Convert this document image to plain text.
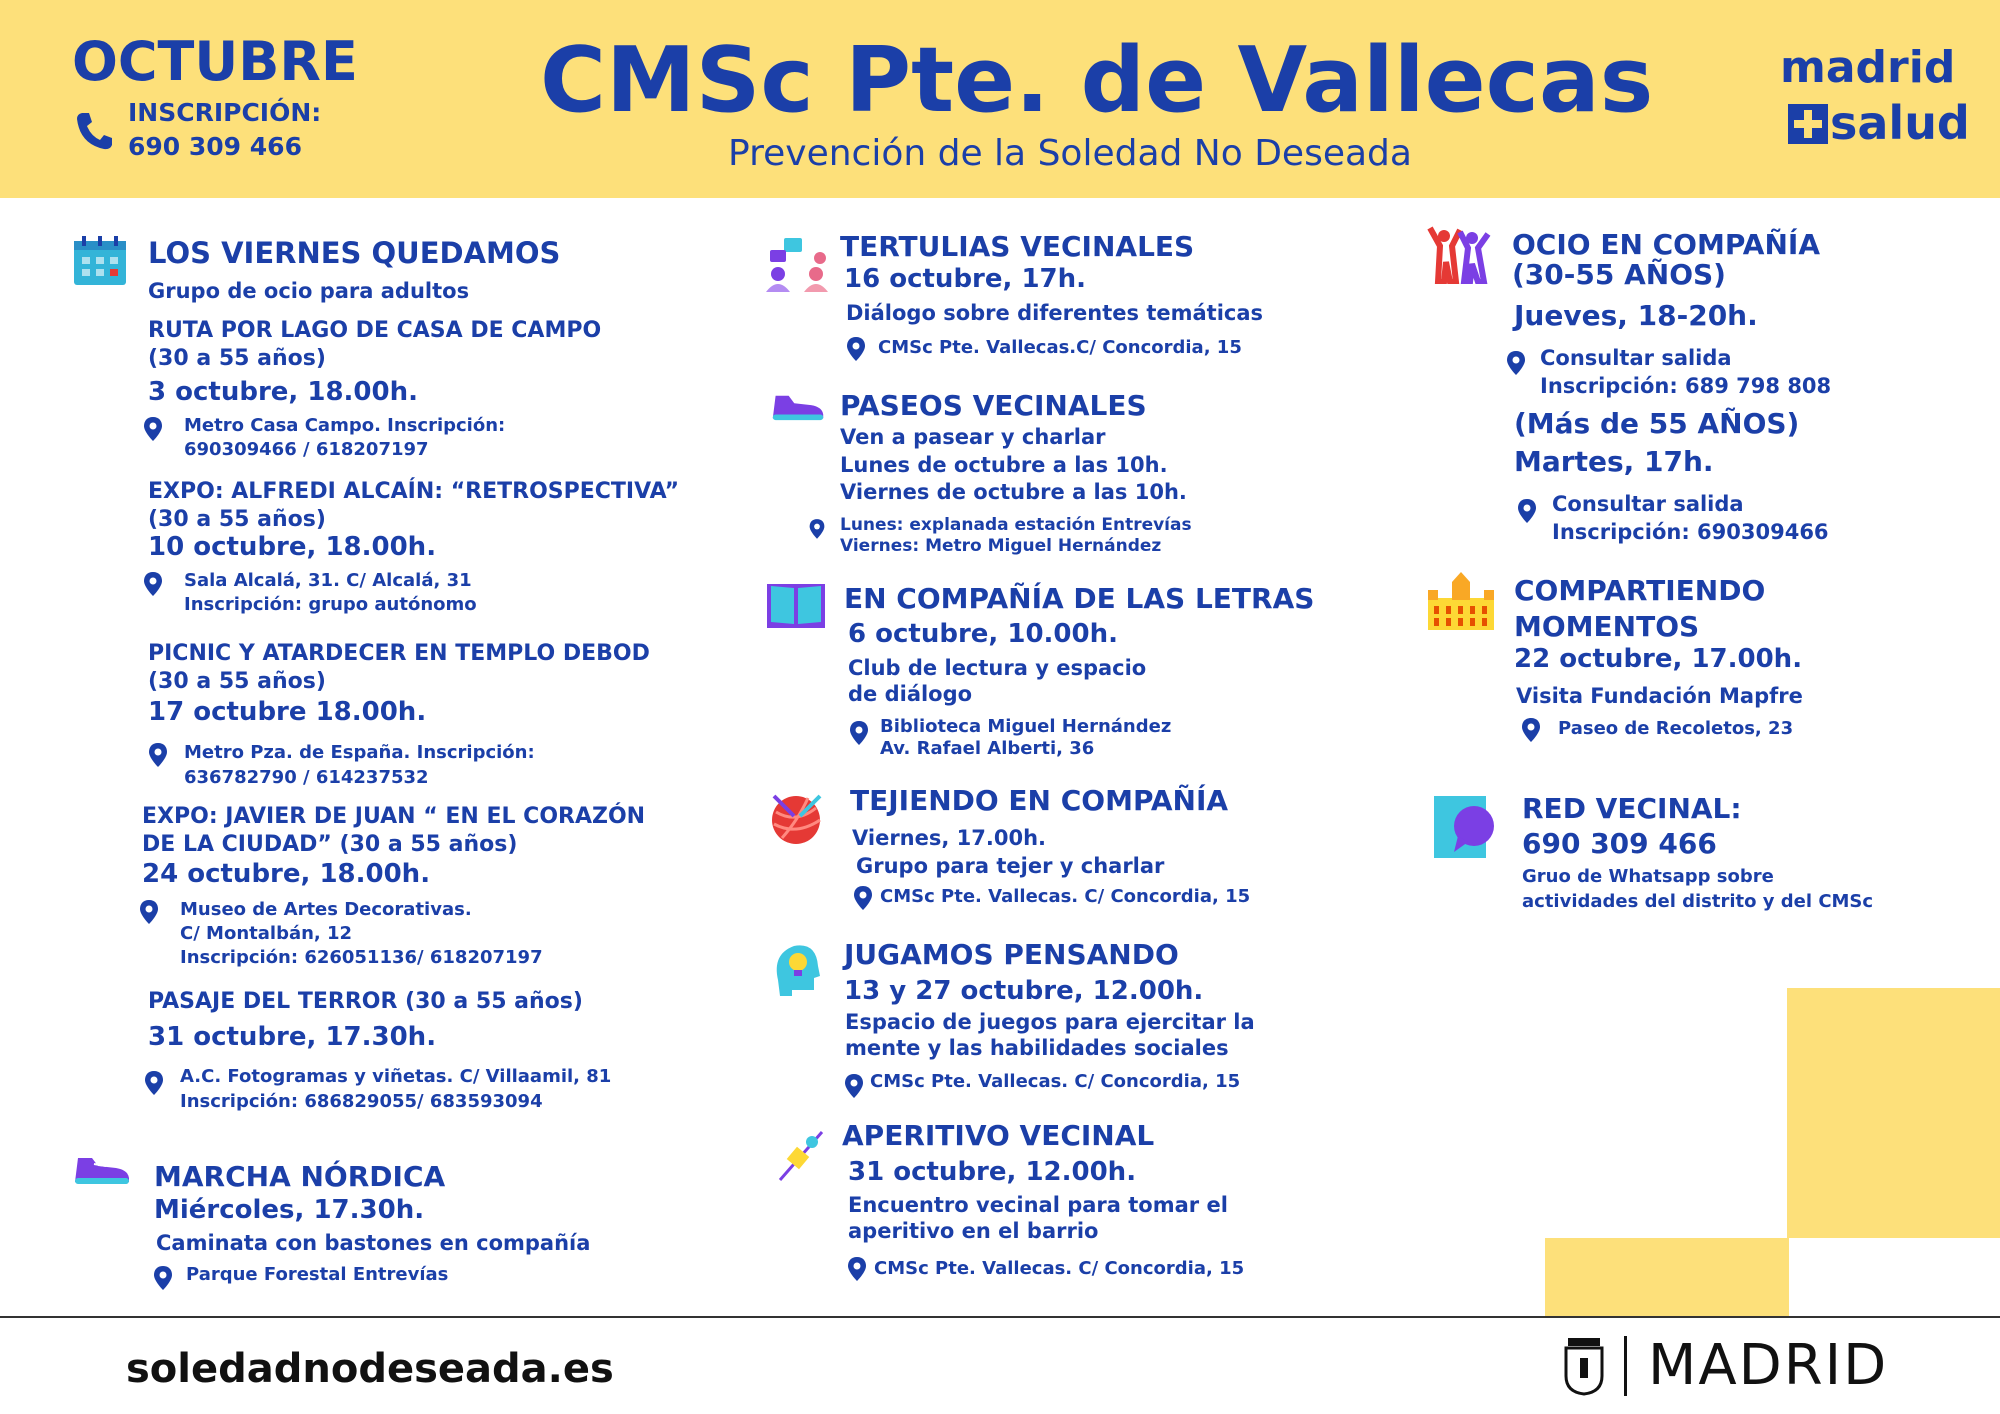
OCTUBRE
INSCRIPCIÓN:
690 309 466
CMSc Pte. de Vallecas
Prevención de la Soledad No Deseada
madrid
salud
LOS VIERNES QUEDAMOS
Grupo de ocio para adultos
RUTA POR LAGO DE CASA DE CAMPO
(30 a 55 años)
3 octubre, 18.00h.
Metro Casa Campo. Inscripción:
690309466 / 618207197
EXPO: ALFREDI ALCAÍN: “RETROSPECTIVA”
(30 a 55 años)
10 octubre, 18.00h.
Sala Alcalá, 31. C/ Alcalá, 31
Inscripción: grupo autónomo
PICNIC Y ATARDECER EN TEMPLO DEBOD
(30 a 55 años)
17 octubre 18.00h.
Metro Pza. de España. Inscripción:
636782790 / 614237532
EXPO: JAVIER DE JUAN “ EN EL CORAZÓN
DE LA CIUDAD” (30 a 55 años)
24 octubre, 18.00h.
Museo de Artes Decorativas.
C/ Montalbán, 12
Inscripción: 626051136/ 618207197
PASAJE DEL TERROR (30 a 55 años)
31 octubre, 17.30h.
A.C. Fotogramas y viñetas. C/ Villaamil, 81
Inscripción: 686829055/ 683593094
MARCHA NÓRDICA
Miércoles, 17.30h.
Caminata con bastones en compañía
Parque Forestal Entrevías
TERTULIAS VECINALES
16 octubre, 17h.
Diálogo sobre diferentes temáticas
CMSc Pte. Vallecas.C/ Concordia, 15
PASEOS VECINALES
Ven a pasear y charlar
Lunes de octubre a las 10h.
Viernes de octubre a las 10h.
Lunes: explanada estación Entrevías
Viernes: Metro Miguel Hernández
EN COMPAÑÍA DE LAS LETRAS
6 octubre, 10.00h.
Club de lectura y espacio
de diálogo
Biblioteca Miguel Hernández
Av. Rafael Alberti, 36
TEJIENDO EN COMPAÑÍA
Viernes, 17.00h.
Grupo para tejer y charlar
CMSc Pte. Vallecas. C/ Concordia, 15
JUGAMOS PENSANDO
13 y 27 octubre, 12.00h.
Espacio de juegos para ejercitar la
mente y las habilidades sociales
CMSc Pte. Vallecas. C/ Concordia, 15
APERITIVO VECINAL
31 octubre, 12.00h.
Encuentro vecinal para tomar el
aperitivo en el barrio
CMSc Pte. Vallecas. C/ Concordia, 15
OCIO EN COMPAÑÍA
(30-55 AÑOS)
Jueves, 18-20h.
Consultar salida
Inscripción: 689 798 808
(Más de 55 AÑOS)
Martes, 17h.
Consultar salida
Inscripción: 690309466
COMPARTIENDO
MOMENTOS
22 octubre, 17.00h.
Visita Fundación Mapfre
Paseo de Recoletos, 23
RED VECINAL:
690 309 466
Gruo de Whatsapp sobre
actividades del distrito y del CMSc
soledadnodeseada.es	MADRID
